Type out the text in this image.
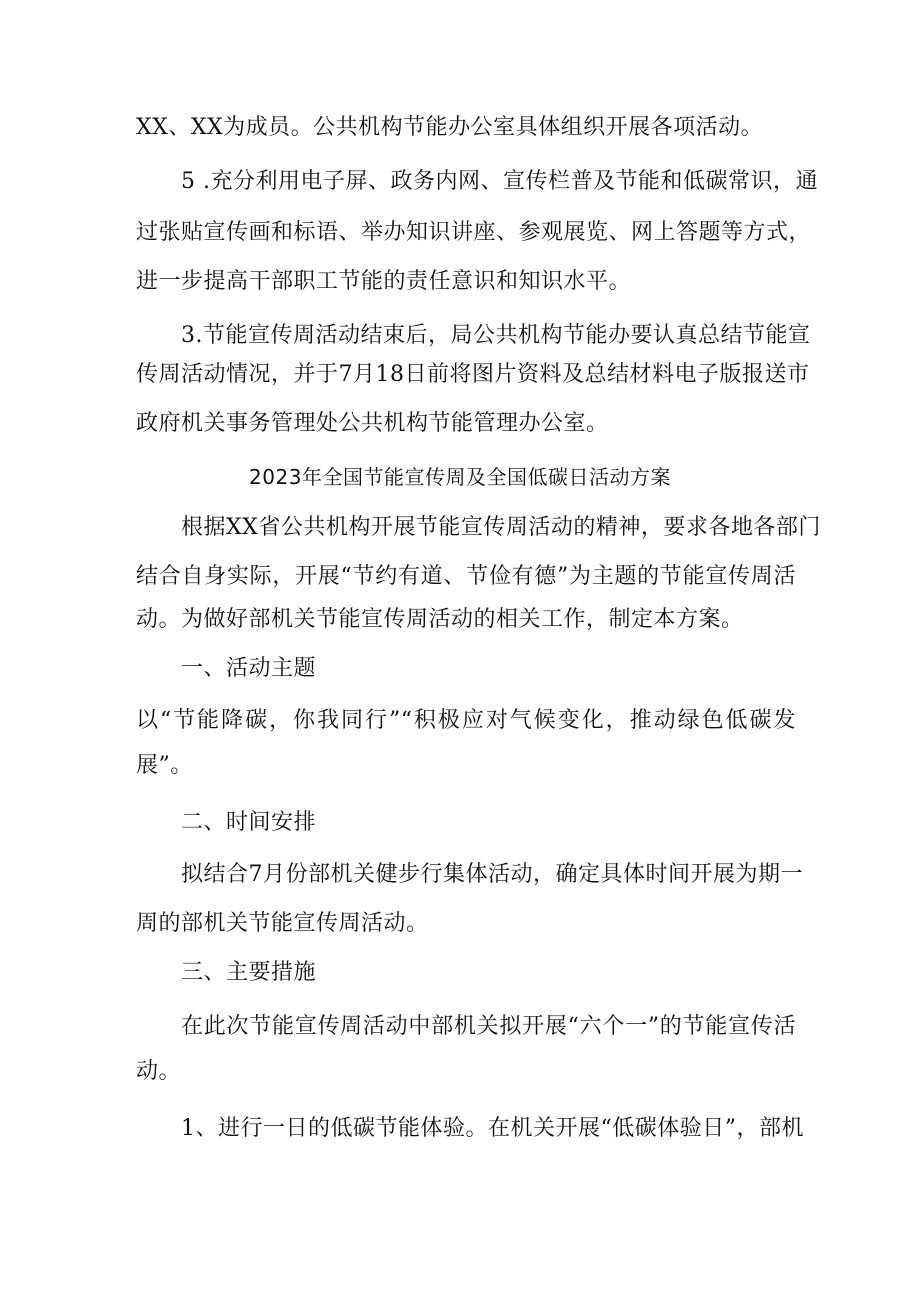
XX、XX为成员。公共机构节能办公室具体组织开展各项活动。
5 .充分利用电子屏、政务内网、宣传栏普及节能和低碳常识，通
过张贴宣传画和标语、举办知识讲座、参观展览、网上答题等方式，
进一步提高干部职工节能的责任意识和知识水平。
3.节能宣传周活动结束后，局公共机构节能办要认真总结节能宣
传周活动情况，并于7月18日前将图片资料及总结材料电子版报送市
政府机关事务管理处公共机构节能管理办公室。
2023年全国节能宣传周及全国低碳日活动方案
根据XX省公共机构开展节能宣传周活动的精神，要求各地各部门
结合自身实际，开展“节约有道、节俭有德”为主题的节能宣传周活
动。为做好部机关节能宣传周活动的相关工作，制定本方案。
一、活动主题
以“节能降碳，你我同行”“积极应对气候变化，推动绿色低碳发
展”。
二、时间安排
拟结合7月份部机关健步行集体活动，确定具体时间开展为期一
周的部机关节能宣传周活动。
三、主要措施
在此次节能宣传周活动中部机关拟开展“六个一”的节能宣传活
动。
1、进行一日的低碳节能体验。在机关开展“低碳体验日”，部机
